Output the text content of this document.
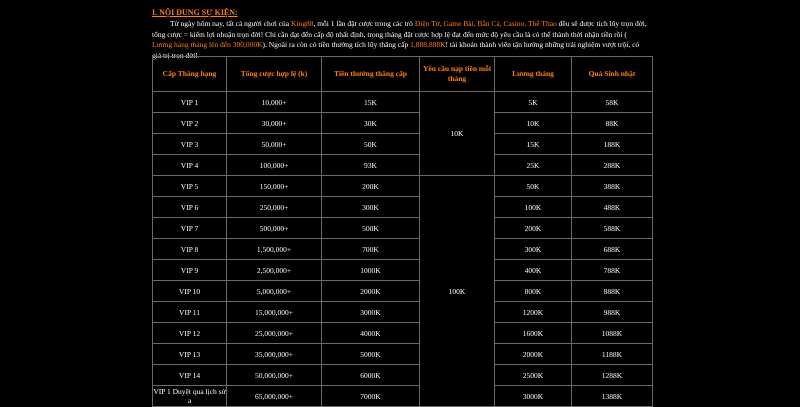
I. NỘI DUNG SỰ KIỆN:
Từ ngày hôm nay, tất cả người chơi của King88, mỗi 1 lần đặt cược trong các trò Điện Tử, Game Bài, Bắn Cá, Casino, Thể Thao đều sẽ được tích lũy trọn đời, tổng cược = kiếm lợi nhuận trọn đời! Chỉ cần đạt đến cấp độ nhất định, trong tháng đặt cược hợp lệ đạt đến mức độ yêu cầu là có thể thành thời nhận tiền rồi ( Lương hàng tháng lên đến 300,000K). Ngoài ra còn có tiền thưởng tích lũy thăng cấp 1,888,888K! tài khoản thành viên tận hưởng những trải nghiệm vượt trội, có giá trị trọn đời!
Cấp Thăng hạng	Tổng cược hợp lệ (k)	Tiền thưởng thăng cấp	Yêu cầu nạp tiền mỗi tháng	Lương tháng	Quà Sinh nhật
VIP 1	10,000+	15K	10K	5K	58K
VIP 2	30,000+	30K		10K	88K
VIP 3	50,000+	50K		15K	188K
VIP 4	100,000+	93K		25K	288K
VIP 5	150,000+	200K	100K	50K	388K
VIP 6	250,000+	300K		100K	488K
VIP 7	500,000+	500K		200K	588K
VIP 8	1,500,000+	700K		300K	688K
VIP 9	2,500,000+	1000K		400K	788K
VIP 10	5,000,000+	2000K		800K	888K
VIP 11	15,000,000+	3000K		1200K	988K
VIP 12	25,000,000+	4000K		1600K	1088K
VIP 13	35,000,000+	5000K		2000K	1188K
VIP 14	50,000,000+	6000K		2500K	1288K
VIP 1 Duyệt qua lịch sử a	65,000,000+	7000K		3000K	1388K
